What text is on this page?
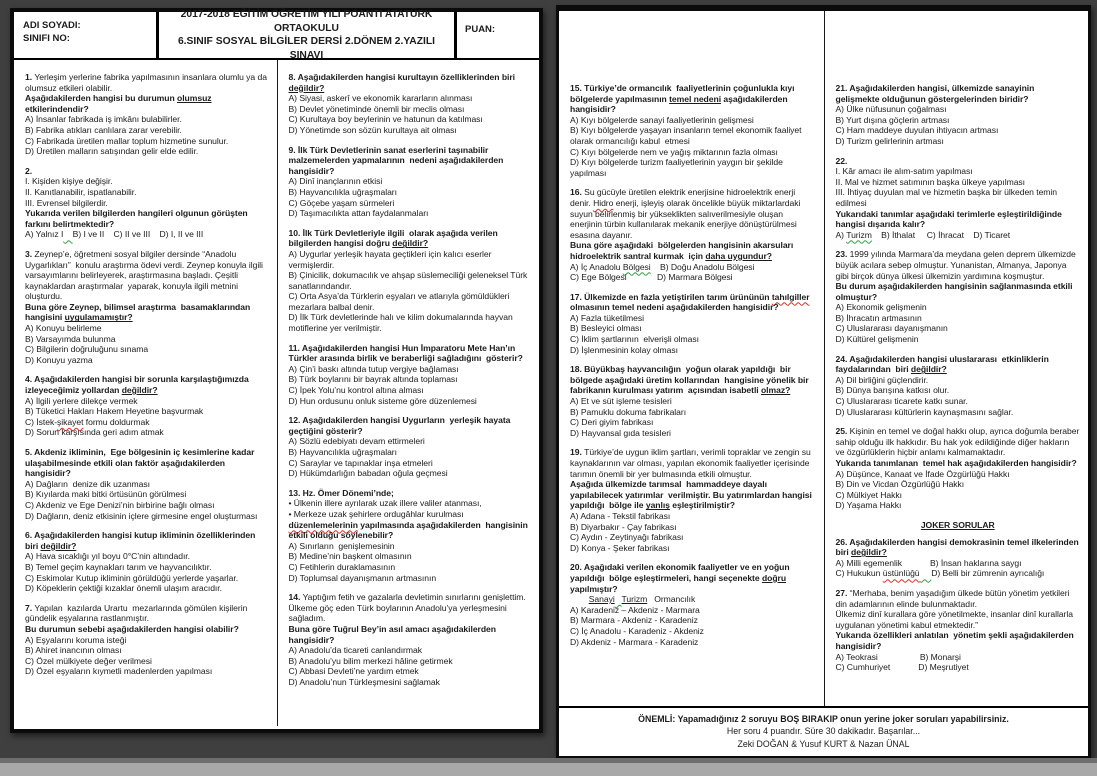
ADI SOYADI:
SINIFI NO:
2017-2018 EĞİTİM ÖĞRETİM YILI POANTI ATATÜRK ORTAOKULU
6.SINIF SOSYAL BİLGİLER DERSİ 2.DÖNEM 2.YAZILI SINAVI
PUAN:
1. Yerleşim yerlerine fabrika yapılmasının insanlara olumlu ya da olumsuz etkileri olabilir.
Aşağıdakilerden hangisi bu durumun olumsuz etkilerindendir?
A) İnsanlar fabrikada iş imkânı bulabilirler.
B) Fabrika atıkları canlılara zarar verebilir.
C) Fabrikada üretilen mallar toplum hizmetine sunulur.
D) Üretilen malların satışından gelir elde edilir.
2.
I. Kişiden kişiye değişir.
II. Kanıtlanabilir, ispatlanabilir.
III. Evrensel bilgilerdir.
Yukarıda verilen bilgilerden hangileri olgunun görüşten farkını belirtmektedir?
A) Yalnız I B) I ve II    C) II ve III    D) I, II ve III
3. Zeynep’e, öğretmeni sosyal bilgiler dersinde “Anadolu Uygarlıkları”  konulu araştırma ödevi verdi. Zeynep konuyla ilgili varsayımlarını belirleyerek, araştırmasına başladı. Çeşitli kaynaklardan araştırmalar  yaparak, konuyla ilgili metnini oluşturdu.
Buna göre Zeynep, bilimsel araştırma  basamaklarından hangisini uygulamamıştır?
A) Konuyu belirleme
B) Varsayımda bulunma
C) Bilgilerin doğruluğunu sınama
D) Konuyu yazma
4. Aşağıdakilerden hangisi bir sorunla karşılaştığımızda izleyeceğimiz yollardan değildir?
A) İlgili yerlere dilekçe vermek
B) Tüketici Hakları Hakem Heyetine başvurmak
C) İstek-şikayet formu doldurmak
D) Sorun karşısında geri adım atmak
5. Akdeniz ikliminin,  Ege bölgesinin iç kesimlerine kadar ulaşabilmesinde etkili olan faktör aşağıdakilerden hangisidir?
A) Dağların  denize dik uzanması
B) Kıyılarda maki bitki örtüsünün görülmesi
C) Akdeniz ve Ege Denizi’nin birbirine bağlı olması
D) Dağların, deniz etkisinin içlere girmesine engel oluşturması
6. Aşağıdakilerden hangisi kutup ikliminin özelliklerinden biri değildir?
A) Hava sıcaklığı yıl boyu 0°C’nin altındadır.
B) Temel geçim kaynakları tarım ve hayvancılıktır.
C) Eskimolar Kutup ikliminin görüldüğü yerlerde yaşarlar.
D) Köpeklerin çektiği kızaklar önemli ulaşım aracıdır.
7. Yapılan  kazılarda Urartu  mezarlarında gömülen kişilerin gündelik eşyalarına rastlanmıştır.
Bu durumun sebebi aşağıdakilerden hangisi olabilir?
A) Eşyalarını koruma isteği
B) Ahiret inancının olması
C) Özel mülkiyete değer verilmesi
D) Özel eşyaların kıymetli madenlerden yapılması
8. Aşağıdakilerden hangisi kurultayın özelliklerinden biri değildir?
A) Siyasi, askerî ve ekonomik kararların alınması
B) Devlet yönetiminde önemli bir meclis olması
C) Kurultaya boy beylerinin ve hatunun da katılması
D) Yönetimde son sözün kurultaya ait olması
9. İlk Türk Devletlerinin sanat eserlerini taşınabilir malzemelerden yapmalarının  nedeni aşağıdakilerden hangisidir?
A) Dinî inançlarının etkisi
B) Hayvancılıkla uğraşmaları
C) Göçebe yaşam sürmeleri
D) Taşımacılıkta attan faydalanmaları
10. İlk Türk Devletleriyle ilgili  olarak aşağıda verilen bilgilerden hangisi doğru değildir?
A) Uygurlar yerleşik hayata geçtikleri için kalıcı eserler vermişlerdir.
B) Çinicilik, dokumacılık ve ahşap süslemeciliği geleneksel Türk sanatlarındandır.
C) Orta Asya’da Türklerin eşyaları ve atlarıyla gömüldükleri mezarlara balbal denir.
D) İlk Türk devletlerinde halı ve kilim dokumalarında hayvan motiflerine yer verilmiştir.
11. Aşağıdakilerden hangisi Hun İmparatoru Mete Han’ın Türkler arasında birlik ve beraberliği sağladığını  gösterir?
A) Çin’i baskı altında tutup vergiye bağlaması
B) Türk boylarını bir bayrak altında toplaması
C) İpek Yolu’nu kontrol altına alması
D) Hun ordusunu onluk sisteme göre düzenlemesi
12. Aşağıdakilerden hangisi Uygurların  yerleşik hayata geçtiğini gösterir?
A) Sözlü edebiyatı devam ettirmeleri
B) Hayvancılıkla uğraşmaları
C) Saraylar ve tapınaklar inşa etmeleri
D) Hükümdarlığın babadan oğula geçmesi
13. Hz. Ömer Dönemi’nde;
• Ülkenin illere ayrılarak uzak illere valiler atanması,
• Merkeze uzak şehirlere ordugâhlar kurulması
düzenlemelerinin yapılmasında aşağıdakilerden  hangisinin etkili olduğu söylenebilir?
A) Sınırların  genişlemesinin
B) Medine’nin başkent olmasının
C) Fetihlerin duraklamasının
D) Toplumsal dayanışmanın artmasının
14. Yaptığım fetih ve gazalarla devletimin sınırlarını genişlettim. Ülkeme göç eden Türk boylarının Anadolu’ya yerleşmesini sağladım.
Buna göre Tuğrul Bey’in asıl amacı aşağıdakilerden hangisidir?
A) Anadolu’da ticareti canlandırmak
B) Anadolu’yu bilim merkezi hâline getirmek
C) Abbasi Devleti’ne yardım etmek
D) Anadolu’nun Türkleşmesini sağlamak
15. Türkiye’de ormancılık  faaliyetlerinin çoğunlukla kıyı bölgelerde yapılmasının temel nedeni aşağıdakilerden hangisidir?
A) Kıyı bölgelerde sanayi faaliyetlerinin gelişmesi
B) Kıyı bölgelerde yaşayan insanların temel ekonomik faaliyet olarak ormancılığı kabul  etmesi
C) Kıyı bölgelerde nem ve yağış miktarının fazla olması
D) Kıyı bölgelerde turizm faaliyetlerinin yaygın bir şekilde yapılması
16. Su gücüyle üretilen elektrik enerjisine hidroelektrik enerji denir. Hidro enerji, işleyiş olarak öncelikle büyük miktarlardaki  suyun belirlenmiş bir yükseklikten salıverilmesiyle oluşan enerjinin türbin kullanılarak mekanik enerjiye dönüştürülmesi esasına dayanır.
Buna göre aşağıdaki  bölgelerden hangisinin akarsuları hidroelektrik santral kurmak  için daha uygundur?
A) İç Anadolu Bölgesi    B) Doğu Anadolu Bölgesi
C) Ege Bölgesi             D) Marmara Bölgesi
17. Ülkemizde en fazla yetiştirilen tarım ürününün tahılgiller  olmasının temel nedeni aşağıdakilerden hangisidir?
A) Fazla tüketilmesi
B) Besleyici olması
C) İklim şartlarının  elverişli olması
D) İşlenmesinin kolay olması
18. Büyükbaş hayvancılığın  yoğun olarak yapıldığı  bir bölgede aşağıdaki üretim kollarından  hangisine yönelik bir fabrikanın kurulması yatırım  açısından isabetli olmaz?
A) Et ve süt işleme tesisleri
B) Pamuklu dokuma fabrikaları
C) Deri giyim fabrikası
D) Hayvansal gıda tesisleri
19. Türkiye’de uygun iklim şartları, verimli topraklar ve zengin su kaynaklarının var olması, yapılan ekonomik faaliyetler içerisinde tarımın önemli bir yer bulmasında etkili olmuştur.
Aşağıda ülkemizde tarımsal  hammaddeye dayalı yapılabilecek yatırımlar  verilmiştir. Bu yatırımlardan hangisi yapıldığı  bölge ile yanlış eşleştirilmiştir?
A) Adana - Tekstil fabrikası
B) Diyarbakır - Çay fabrikası
C) Aydın - Zeytinyağı fabrikası
D) Konya - Şeker fabrikası
20. Aşağıdaki verilen ekonomik faaliyetler ve en yoğun yapıldığı  bölge eşleştirmeleri, hangi seçenekte doğru yapılmıştır?
Sanayi Turizm   Ormancılık
A) Karadeniz – Akdeniz - Marmara
B) Marmara - Akdeniz - Karadeniz
C) İç Anadolu - Karadeniz - Akdeniz
D) Akdeniz - Marmara - Karadeniz
21. Aşağıdakilerden hangisi, ülkemizde sanayinin gelişmekte olduğunun göstergelerinden biridir?
A) Ülke nüfusunun çoğalması
B) Yurt dışına göçlerin artması
C) Ham maddeye duyulan ihtiyacın artması
D) Turizm gelirlerinin artması
22.
I. Kâr amacı ile alım-satım yapılması
II. Mal ve hizmet satımının başka ülkeye yapılması
III. İhtiyaç duyulan mal ve hizmetin başka bir ülkeden temin edilmesi
Yukarıdaki tanımlar aşağıdaki terimlerle eşleştirildiğinde hangisi dışarıda kalır?
A) Turizm    B) İthalat     C) İhracat    D) Ticaret
23. 1999 yılında Marmara’da meydana gelen deprem ülkemizde büyük acılara sebep olmuştur. Yunanistan, Almanya, Japonya gibi birçok dünya ülkesi ülkemizin yardımına koşmuştur.
Bu durum aşağıdakilerden hangisinin sağlanmasında etkili olmuştur?
A) Ekonomik gelişmenin
B) İhracatın artmasının
C) Uluslararası dayanışmanın
D) Kültürel gelişmenin
24. Aşağıdakilerden hangisi uluslararası  etkinliklerin faydalarından  biri değildir?
A) Dil birliğini güçlendirir.
B) Dünya barışına katkısı olur.
C) Uluslararası ticarete katkı sunar.
D) Uluslararası kültürlerin kaynaşmasını sağlar.
25. Kişinin en temel ve doğal hakkı olup, ayrıca doğumla beraber sahip olduğu ilk hakkıdır. Bu hak yok edildiğinde diğer hakların ve özgürlüklerin hiçbir anlamı kalmamaktadır.
Yukarıda tanımlanan  temel hak aşağıdakilerden hangisidir?
A) Düşünce, Kanaat ve İfade Özgürlüğü Hakkı
B) Din ve Vicdan Özgürlüğü Hakkı
C) Mülkiyet Hakkı
D) Yaşama Hakkı
JOKER SORULAR
26. Aşağıdakilerden hangisi demokrasinin temel ilkelerinden biri değildir?
A) Milli egemenlik            B) İnsan haklarına saygı
C) Hukukun üstünlüğü D) Belli bir zümrenin ayrıcalığı
27. “Merhaba, benim yaşadığım ülkede bütün yönetim yetkileri din adamlarının elinde bulunmaktadır.
Ülkemiz dinî kurallara göre yönetilmekte, insanlar dinî kurallarla uygulanan yönetimi kabul etmektedir.”
Yukarıda özellikleri anlatılan  yönetim şekli aşağıdakilerden hangisidir?
A) Teokrasi                  B) Monarşi
C) Cumhuriyet            D) Meşrutiyet
ÖNEMLİ: Yapamadığınız 2 soruyu BOŞ BIRAKIP onun yerine joker soruları yapabilirsiniz.
Her soru 4 puandır. Süre 30 dakikadır. Başarılar...
Zeki DOĞAN & Yusuf KURT & Nazan ÜNAL
